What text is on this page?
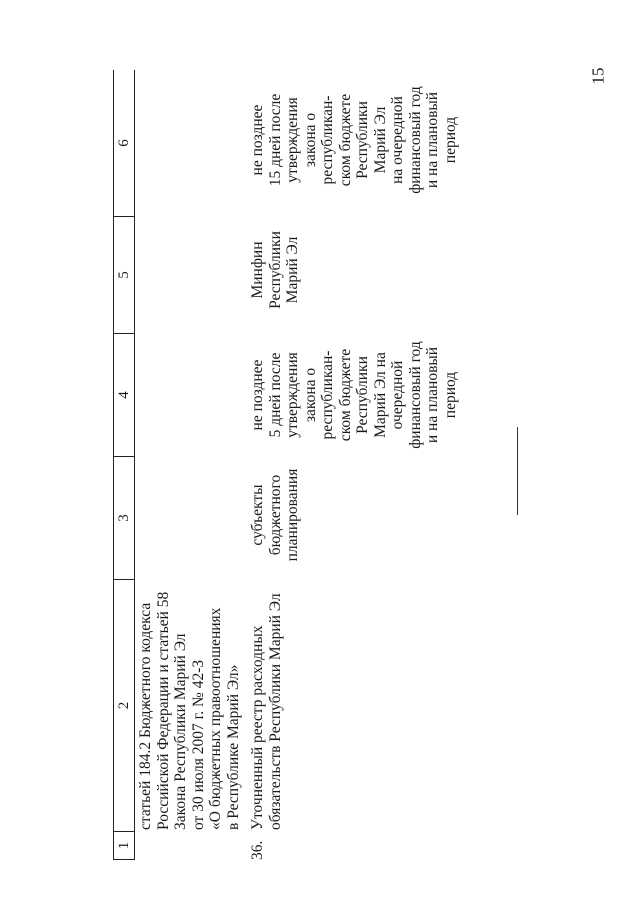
15
1
2
3
4
5
6
статьей 184.2 Бюджетного кодекса Российской Федерации и статьей 58 Закона Республики Марий Эл от 30 июля 2007 г. № 42-З «О бюджетных правоотношениях в Республике Марий Эл»
36.
Уточненный реестр расходных обязательств Республики Марий Эл
субъекты бюджетного планирования
не позднее 5 дней после утверждения закона о республикан- ском бюджете Республики Марий Эл на очередной финансовый год и на плановый период
Минфин Республики Марий Эл
не позднее 15 дней после утверждения закона о республикан- ском бюджете Республики Марий Эл на очередной финансовый год и на плановый период
